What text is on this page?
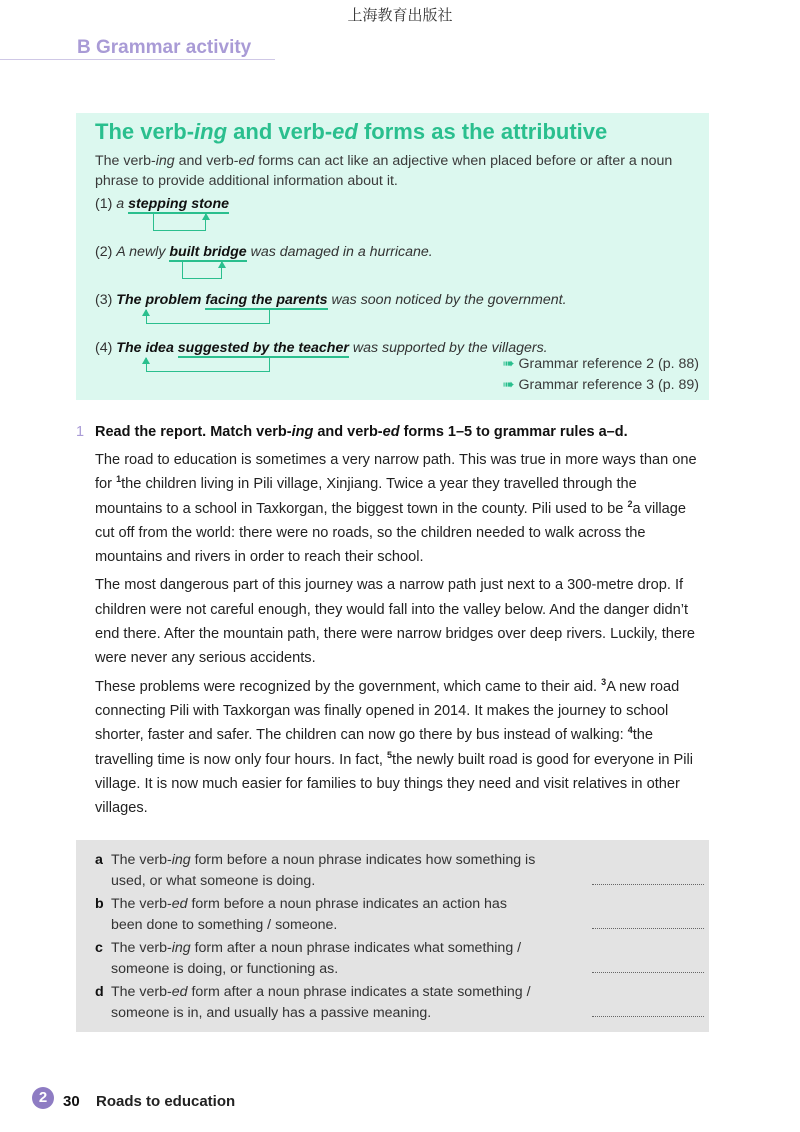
上海教育出版社
B Grammar activity
The verb-ing and verb-ed forms as the attributive
The verb-ing and verb-ed forms can act like an adjective when placed before or after a noun phrase to provide additional information about it.
(1) a stepping stone
(2) A newly built bridge was damaged in a hurricane.
(3) The problem facing the parents was soon noticed by the government.
(4) The idea suggested by the teacher was supported by the villagers.
➠ Grammar reference 2 (p. 88)
➠ Grammar reference 3 (p. 89)
1 Read the report. Match verb-ing and verb-ed forms 1–5 to grammar rules a–d.

The road to education is sometimes a very narrow path. This was true in more ways than one for $^1$the children living in Pili village, Xinjiang. Twice a year they travelled through the mountains to a school in Taxkorgan, the biggest town in the county. Pili used to be $^2$a village cut off from the world: there were no roads, so the children needed to walk across the mountains and rivers in order to reach their school.

The most dangerous part of this journey was a narrow path just next to a 300-metre drop. If children were not careful enough, they would fall into the valley below. And the danger didn’t end there. After the mountain path, there were narrow bridges over deep rivers. Luckily, there were never any serious accidents.

These problems were recognized by the government, which came to their aid. $^3$A new road connecting Pili with Taxkorgan was finally opened in 2014. It makes the journey to school shorter, faster and safer. The children can now go there by bus instead of walking: $^4$the travelling time is now only four hours. In fact, $^5$the newly built road is good for everyone in Pili village. It is now much easier for families to buy things they need and visit relatives in other villages.

a The verb-ing form before a noun phrase indicates how something is used, or what someone is doing.
b The verb-ed form before a noun phrase indicates an action has been done to something / someone.
c The verb-ing form after a noun phrase indicates what something / someone is doing, or functioning as.
d The verb-ed form after a noun phrase indicates a state something / someone is in, and usually has a passive meaning.
2	30 Roads to education
